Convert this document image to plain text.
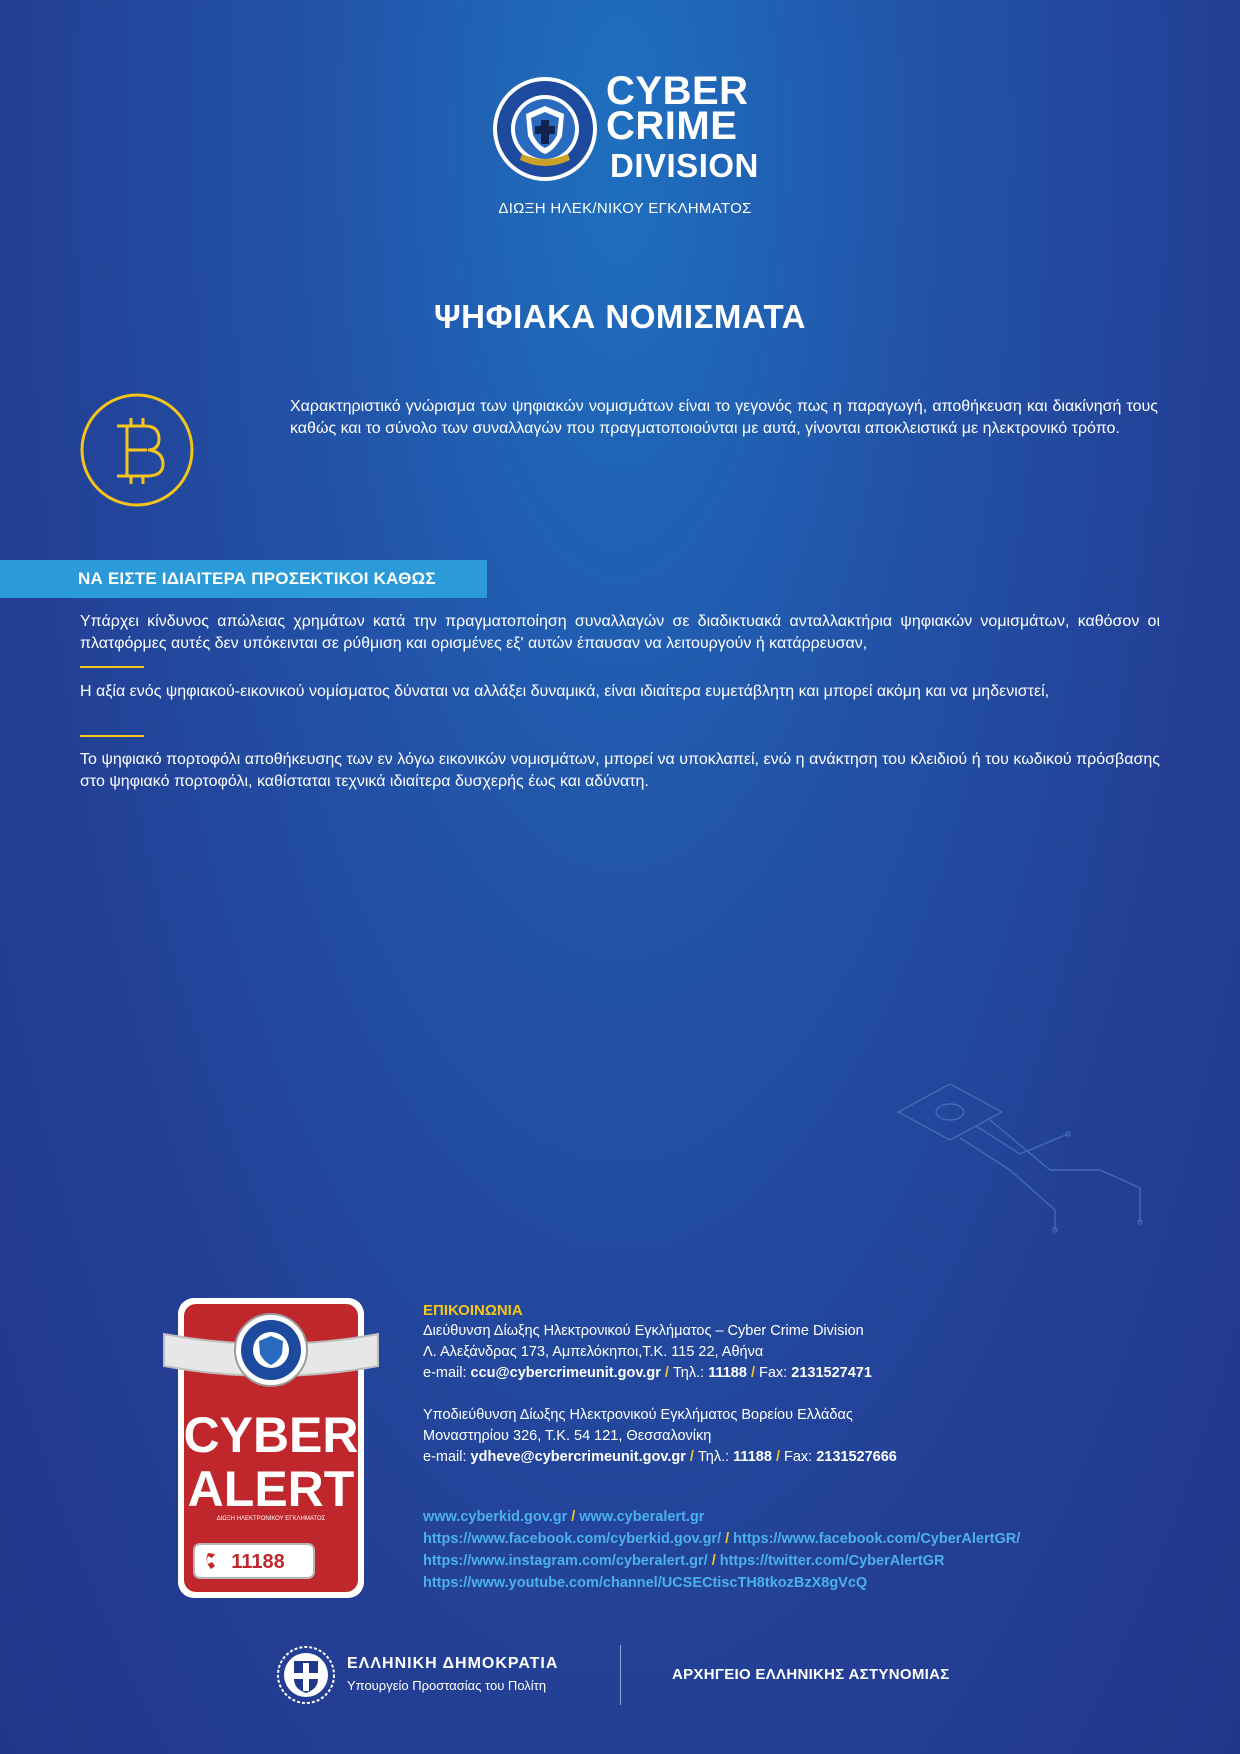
CYBER
CRIME
DIVISION
ΔΙΩΞΗ ΗΛΕΚ/ΝΙΚΟΥ ΕΓΚΛΗΜΑΤΟΣ
ΨΗΦΙΑΚΑ ΝΟΜΙΣΜΑΤΑ
Χαρακτηριστικό γνώρισμα των ψηφιακών νομισμάτων είναι το γεγονός πως η παραγωγή, αποθήκευση και διακίνησή τους καθώς και το σύνολο των συναλλαγών που πραγματοποιούνται με αυτά, γίνονται αποκλειστικά με ηλεκτρονικό τρόπο.
ΝΑ ΕΙΣΤΕ ΙΔΙΑΙΤΕΡΑ ΠΡΟΣΕΚΤΙΚΟΙ ΚΑΘΩΣ
Υπάρχει κίνδυνος απώλειας χρημάτων κατά την πραγματοποίηση συναλλαγών σε διαδικτυακά ανταλλακτήρια ψηφιακών νομισμάτων, καθόσον οι πλατφόρμες αυτές δεν υπόκεινται σε ρύθμιση και ορισμένες εξ' αυτών έπαυσαν να λειτουργούν ή κατάρρευσαν,
Η αξία ενός ψηφιακού-εικονικού νομίσματος δύναται να αλλάξει δυναμικά, είναι ιδιαίτερα ευμετάβλητη και μπορεί ακόμη και να μηδενιστεί,
Το ψηφιακό πορτοφόλι αποθήκευσης των εν λόγω εικονικών νομισμάτων, μπορεί να υποκλαπεί, ενώ η ανάκτηση του κλειδιού ή του κωδικού πρόσβασης στο ψηφιακό πορτοφόλι, καθίσταται τεχνικά ιδιαίτερα δυσχερής έως και αδύνατη.
CYBER
ALERT
ΔΙΩΞΗ ΗΛΕΚΤΡΟΝΙΚΟΥ ΕΓΚΛΗΜΑΤΟΣ
11188
ΕΠΙΚΟΙΝΩΝΙΑ
Διεύθυνση Δίωξης Ηλεκτρονικού Εγκλήματος – Cyber Crime Division
Λ. Αλεξάνδρας 173, Αμπελόκηποι,Τ.Κ. 115 22, Αθήνα
e-mail: ccu@cybercrimeunit.gov.gr / Τηλ.: 11188 / Fax: 2131527471
Υποδιεύθυνση Δίωξης Ηλεκτρονικού Εγκλήματος Βορείου Ελλάδας
Μοναστηρίου 326, Τ.Κ. 54 121, Θεσσαλονίκη
e-mail: ydheve@cybercrimeunit.gov.gr / Τηλ.: 11188 / Fax: 2131527666
www.cyberkid.gov.gr / www.cyberalert.gr
https://www.facebook.com/cyberkid.gov.gr/ / https://www.facebook.com/CyberAlertGR/
https://www.instagram.com/cyberalert.gr/ / https://twitter.com/CyberAlertGR
https://www.youtube.com/channel/UCSECtiscTH8tkozBzX8gVcQ
ΕΛΛΗΝΙΚΗ ΔΗΜΟΚΡΑΤΙΑ
Υπουργείο Προστασίας του Πολίτη
ΑΡΧΗΓΕΙΟ ΕΛΛΗΝΙΚΗΣ ΑΣΤΥΝΟΜΙΑΣ
